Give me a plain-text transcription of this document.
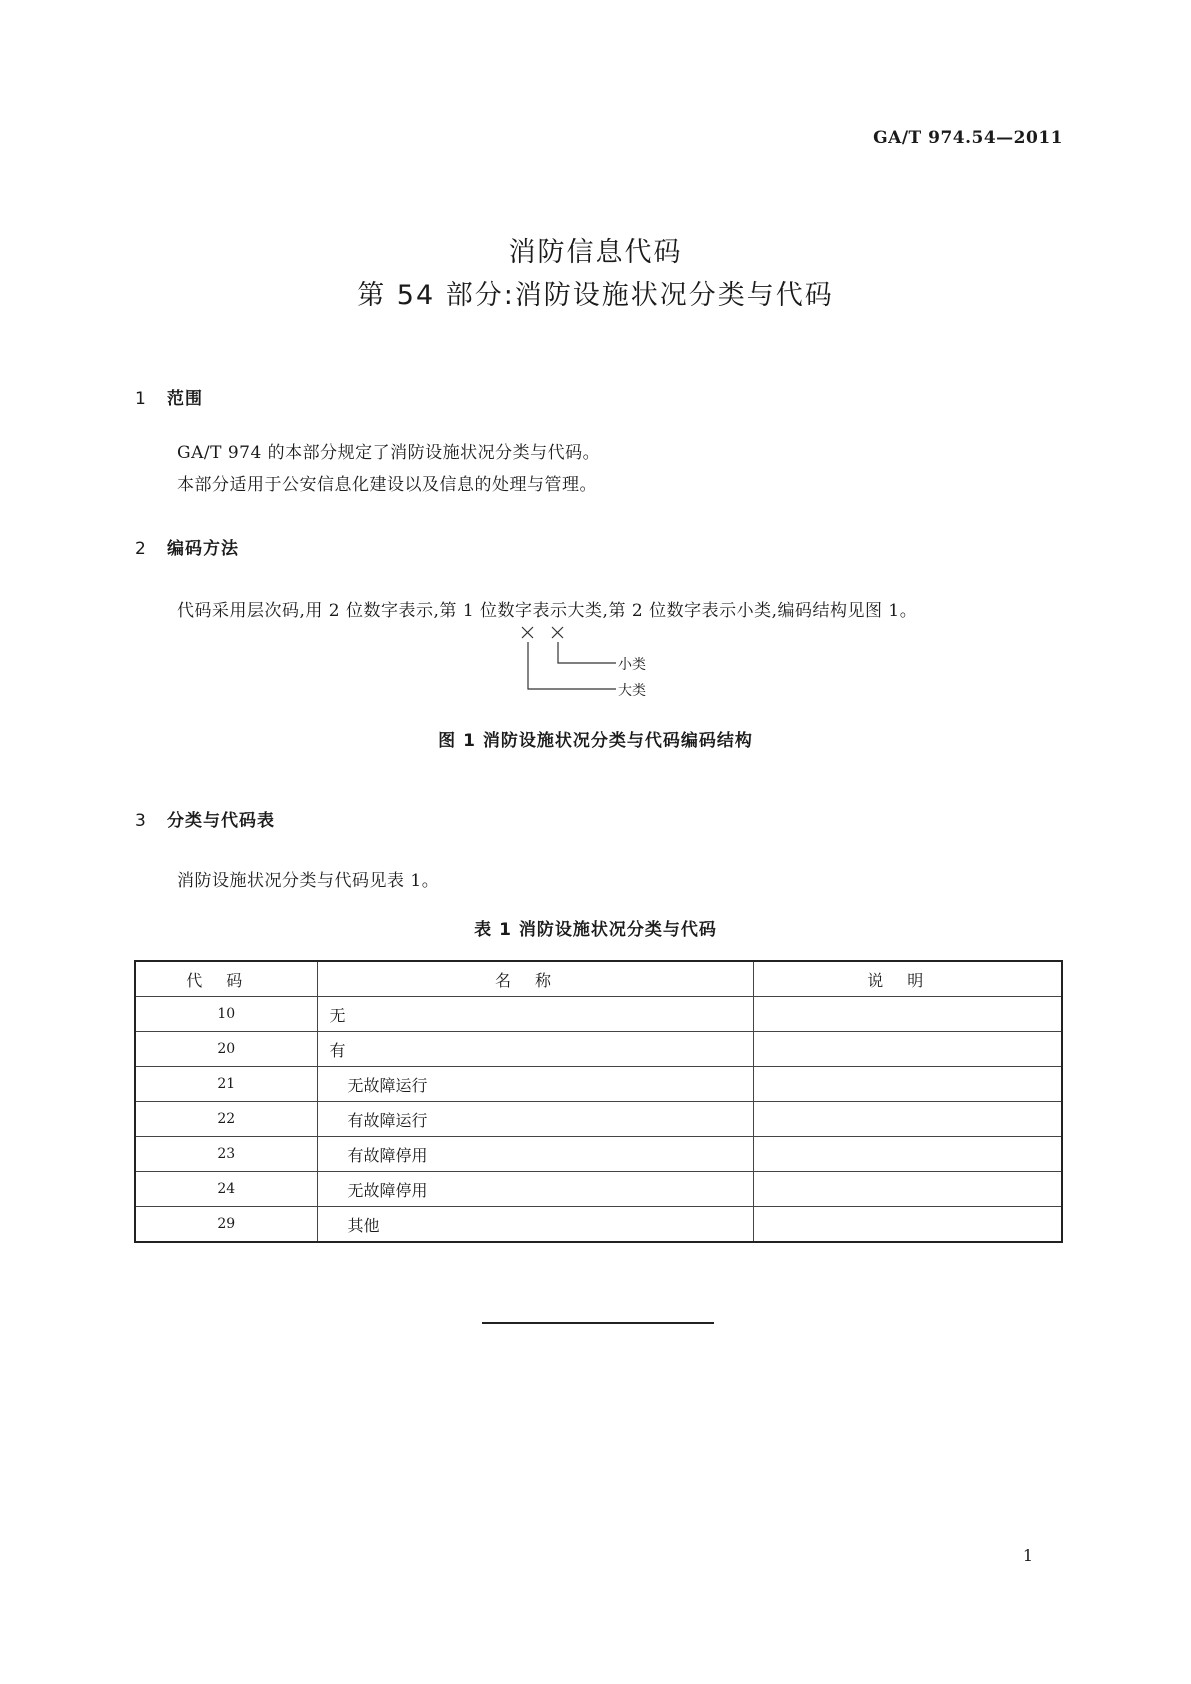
GA/T 974.54—2011
消防信息代码
第 54 部分:消防设施状况分类与代码
1 范围
GA/T 974 的本部分规定了消防设施状况分类与代码。
本部分适用于公安信息化建设以及信息的处理与管理。
2 编码方法
代码采用层次码,用 2 位数字表示,第 1 位数字表示大类,第 2 位数字表示小类,编码结构见图 1。
小类
大类
图 1 消防设施状况分类与代码编码结构
3 分类与代码表
消防设施状况分类与代码见表 1。
表 1 消防设施状况分类与代码
代码	名称	说明
10	无	
20	有	
21	无故障运行	
22	有故障运行	
23	有故障停用	
24	无故障停用	
29	其他	
1
